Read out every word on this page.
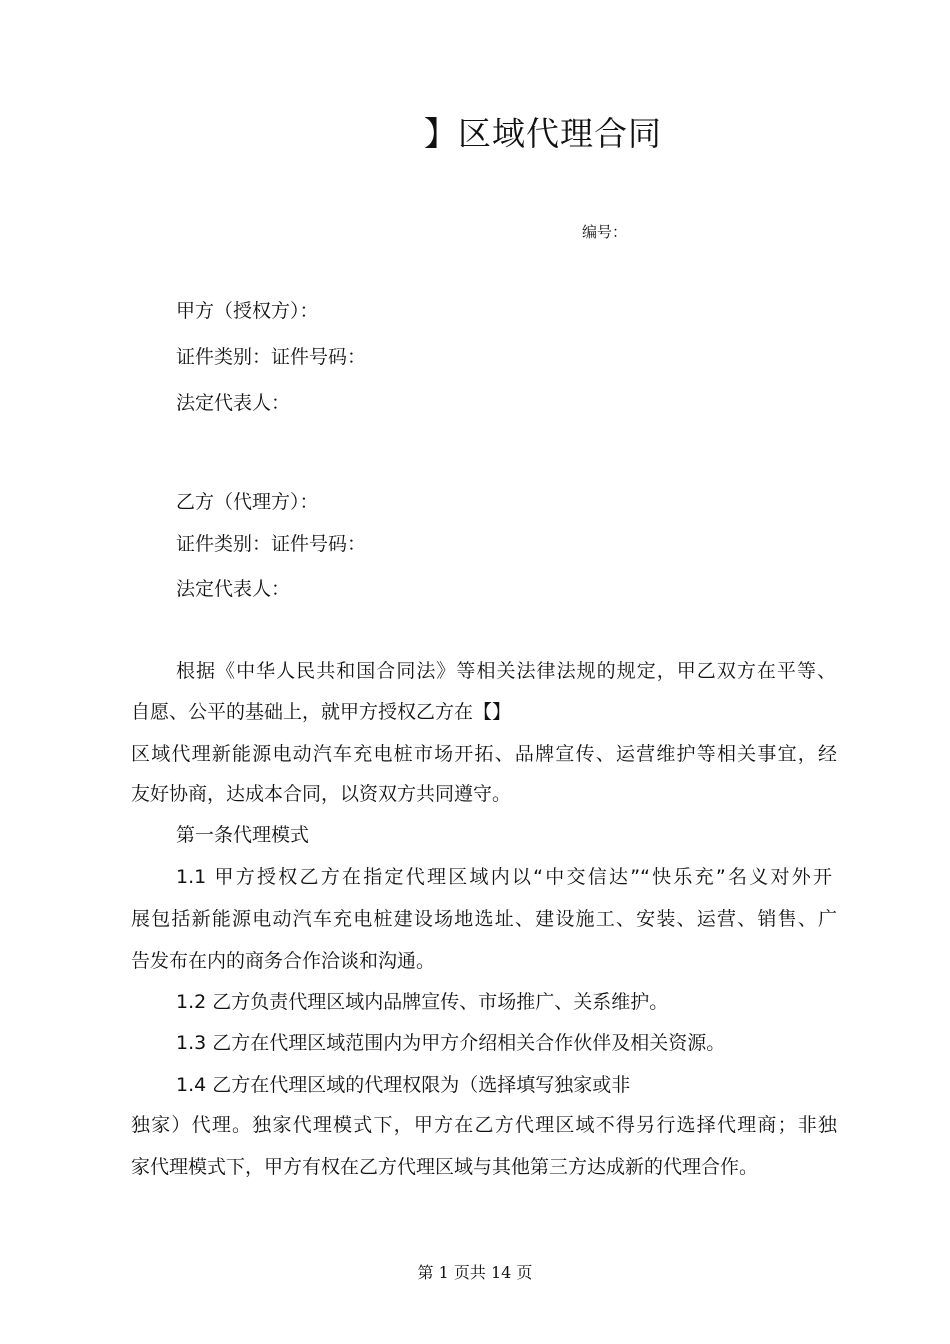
】区域代理合同
编号：
甲方（授权方）：
证件类别：证件号码：
法定代表人：
乙方（代理方）：
证件类别：证件号码：
法定代表人：
根据《中华人民共和国合同法》等相关法律法规的规定，甲乙双方在平等、
自愿、公平的基础上，就甲方授权乙方在【】
区域代理新能源电动汽车充电桩市场开拓、品牌宣传、运营维护等相关事宜，经
友好协商，达成本合同，以资双方共同遵守。
第一条代理模式
1.1 甲方授权乙方在指定代理区域内以“中交信达”“快乐充”名义对外开
展包括新能源电动汽车充电桩建设场地选址、建设施工、安装、运营、销售、广
告发布在内的商务合作洽谈和沟通。
1.2 乙方负责代理区域内品牌宣传、市场推广、关系维护。
1.3 乙方在代理区域范围内为甲方介绍相关合作伙伴及相关资源。
1.4 乙方在代理区域的代理权限为（选择填写独家或非
独家）代理。独家代理模式下，甲方在乙方代理区域不得另行选择代理商；非独
家代理模式下，甲方有权在乙方代理区域与其他第三方达成新的代理合作。
第 1 页共 14 页
